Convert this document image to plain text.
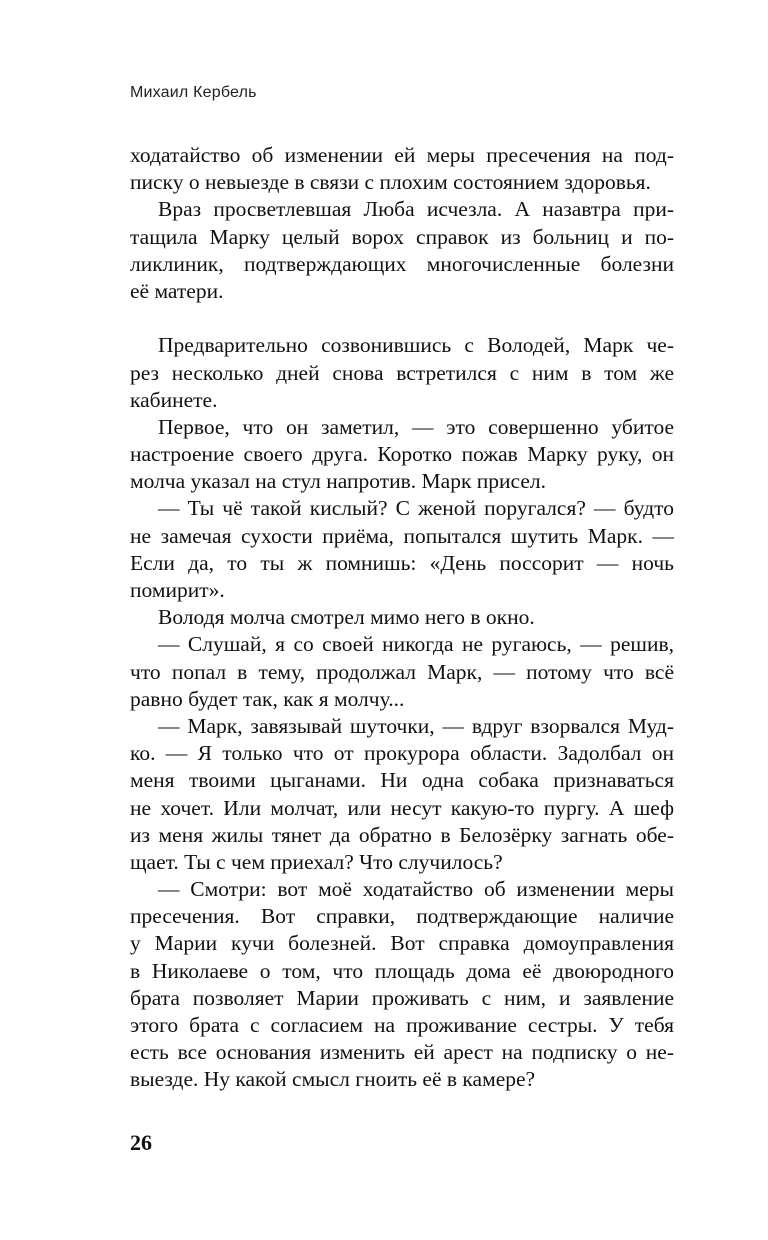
Михаил Кербель
ходатайство об изменении ей меры пресечения на под-
писку о невыезде в связи с плохим состоянием здоровья.
Враз просветлевшая Люба исчезла. А назавтра при-
тащила Марку целый ворох справок из больниц и по-
ликлиник, подтверждающих многочисленные болезни
её матери.
Предварительно созвонившись с Володей, Марк че-
рез несколько дней снова встретился с ним в том же
кабинете.
Первое, что он заметил, — это совершенно убитое
настроение своего друга. Коротко пожав Марку руку, он
молча указал на стул напротив. Марк присел.
— Ты чё такой кислый? С женой поругался? — будто
не замечая сухости приёма, попытался шутить Марк. —
Если да, то ты ж помнишь: «День поссорит — ночь
помирит».
Володя молча смотрел мимо него в окно.
— Слушай, я со своей никогда не ругаюсь, — решив,
что попал в тему, продолжал Марк, — потому что всё
равно будет так, как я молчу...
— Марк, завязывай шуточки, — вдруг взорвался Муд-
ко. — Я только что от прокурора области. Задолбал он
меня твоими цыганами. Ни одна собака признаваться
не хочет. Или молчат, или несут какую-то пургу. А шеф
из меня жилы тянет да обратно в Белозёрку загнать обе-
щает. Ты с чем приехал? Что случилось?
— Смотри: вот моё ходатайство об изменении меры
пресечения. Вот справки, подтверждающие наличие
у Марии кучи болезней. Вот справка домоуправления
в Николаеве о том, что площадь дома её двоюродного
брата позволяет Марии проживать с ним, и заявление
этого брата с согласием на проживание сестры. У тебя
есть все основания изменить ей арест на подписку о не-
выезде. Ну какой смысл гноить её в камере?
26
